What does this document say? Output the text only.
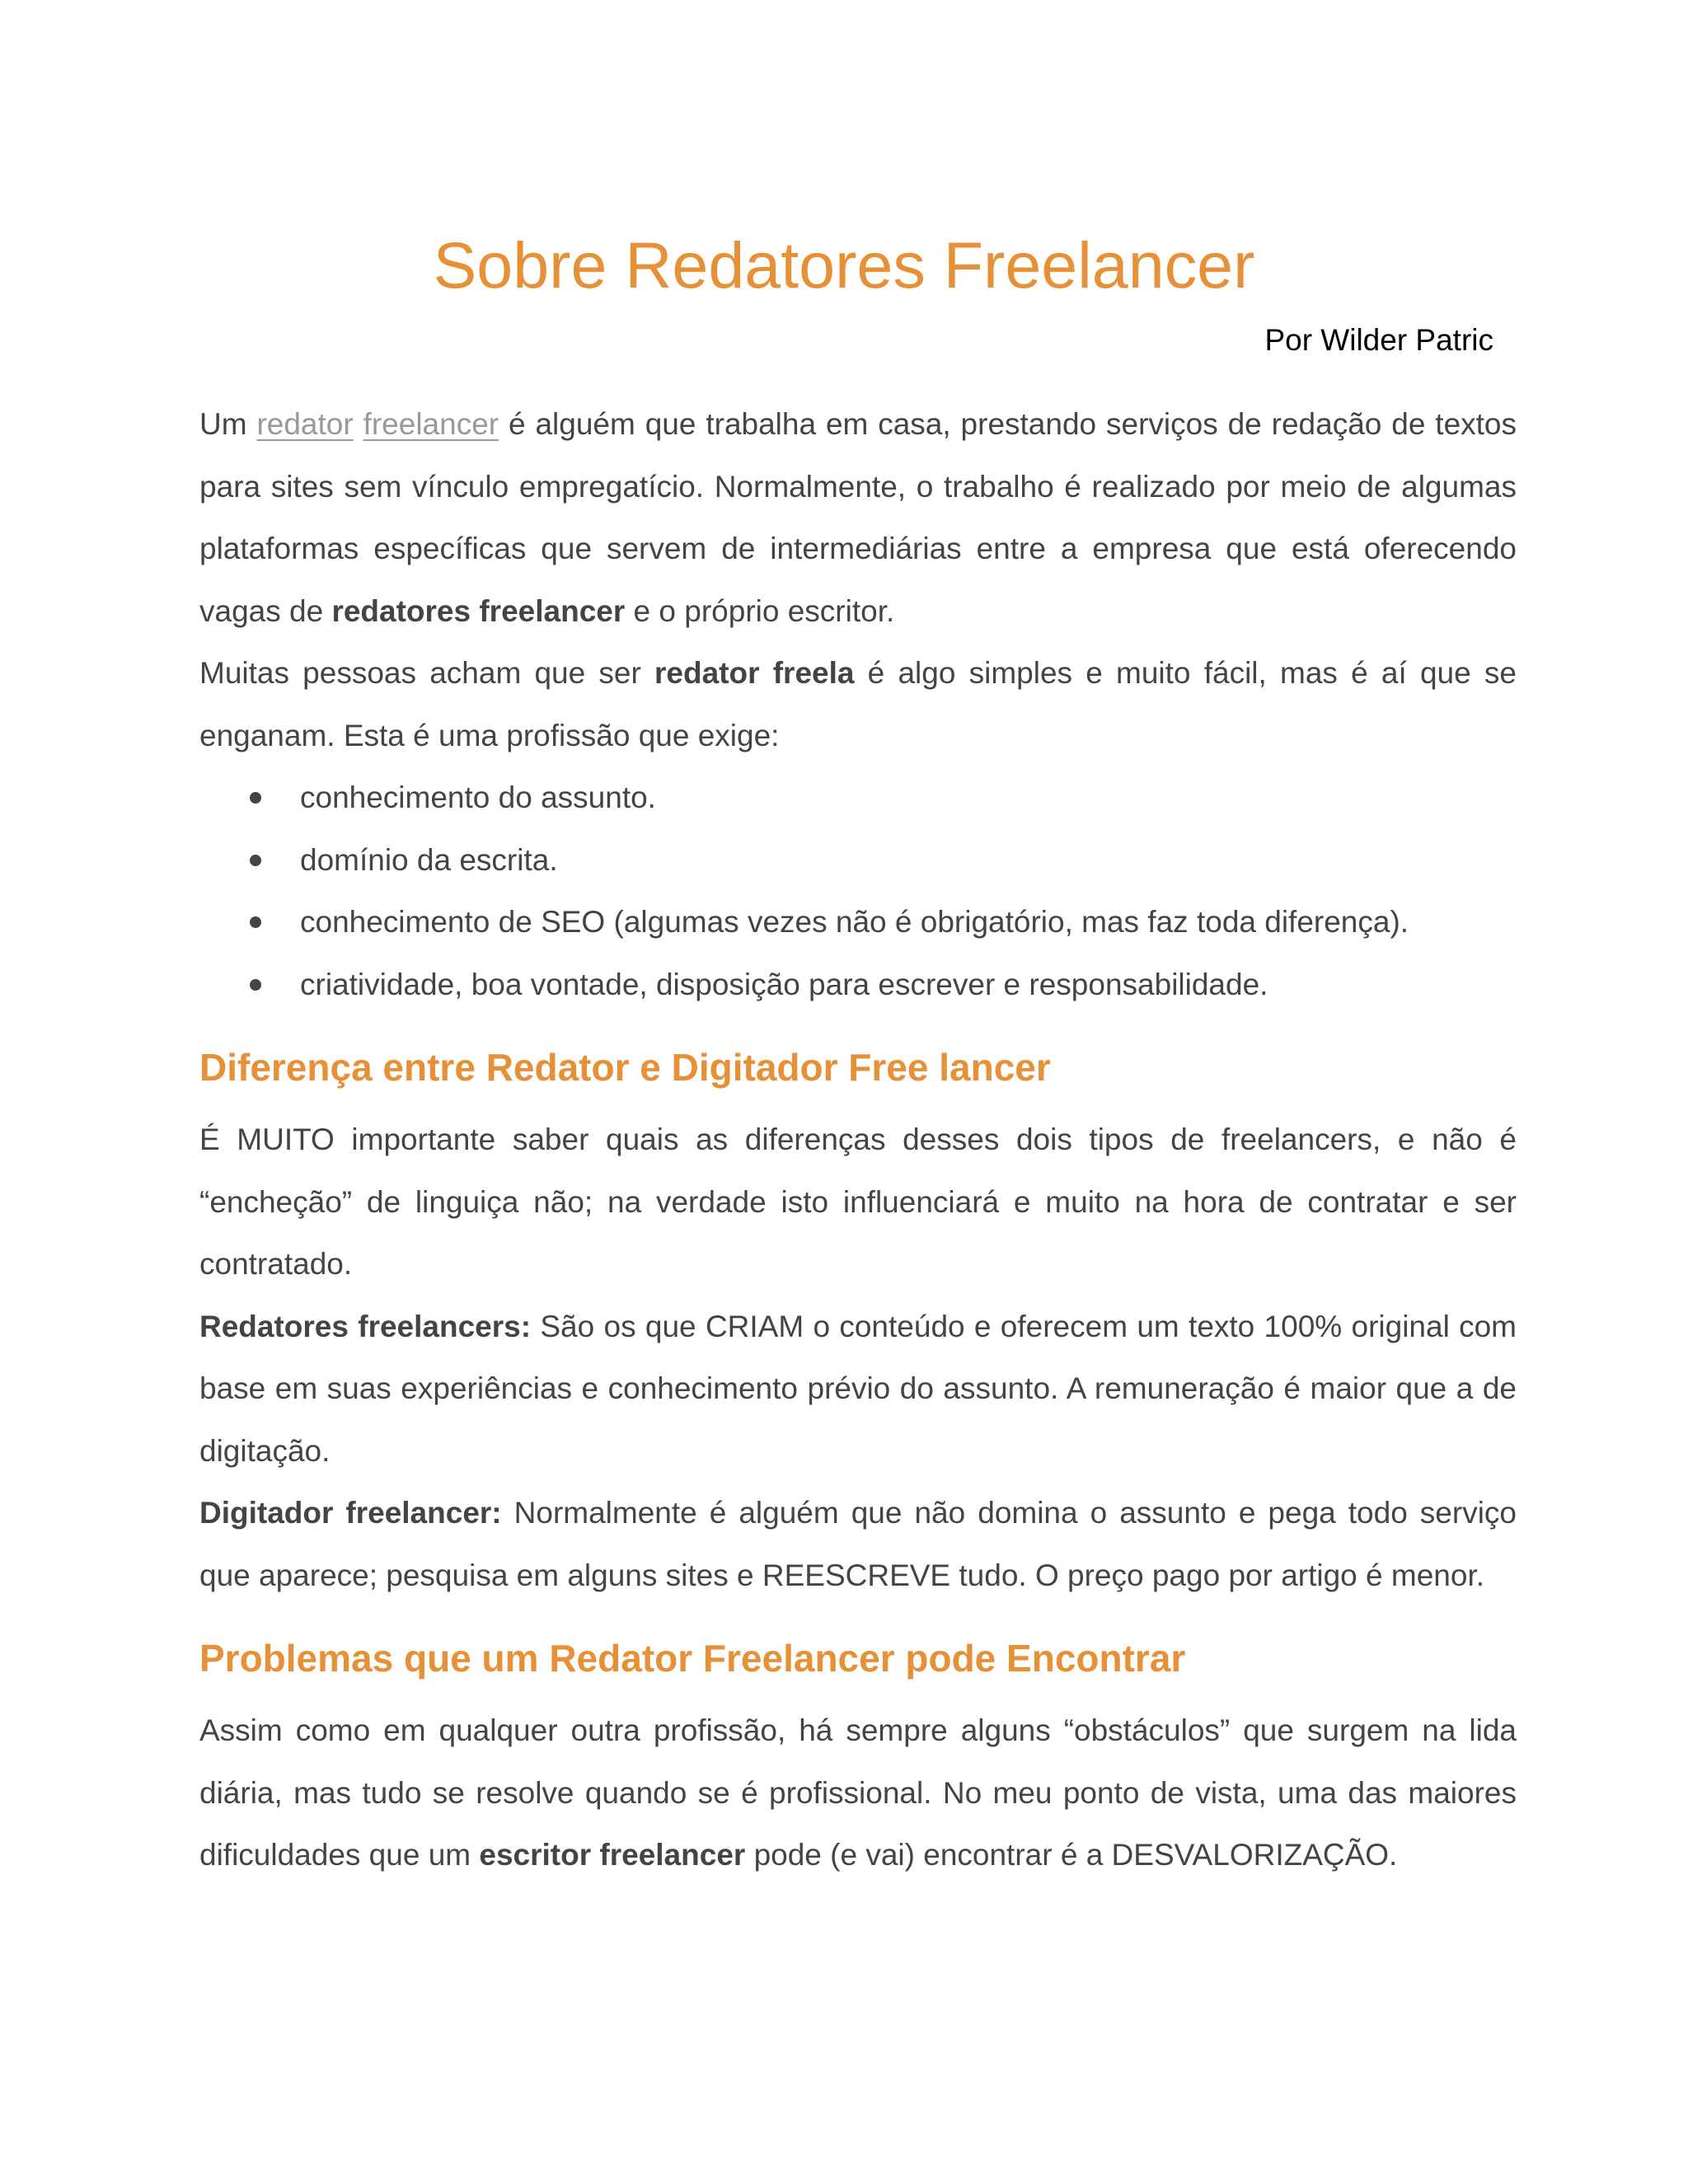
Sobre Redatores Freelancer

Por Wilder Patric

Um redator freelancer é alguém que trabalha em casa, prestando serviços de redação de textos para sites sem vínculo empregatício. Normalmente, o trabalho é realizado por meio de algumas plataformas específicas que servem de intermediárias entre a empresa que está oferecendo vagas de redatores freelancer e o próprio escritor.

Muitas pessoas acham que ser redator freela é algo simples e muito fácil, mas é aí que se enganam. Esta é uma profissão que exige:

conhecimento do assunto.
domínio da escrita.
conhecimento de SEO (algumas vezes não é obrigatório, mas faz toda diferença).
criatividade, boa vontade, disposição para escrever e responsabilidade.
Diferença entre Redator e Digitador Free lancer

É MUITO importante saber quais as diferenças desses dois tipos de freelancers, e não é “encheção” de linguiça não; na verdade isto influenciará e muito na hora de contratar e ser contratado.

Redatores freelancers: São os que CRIAM o conteúdo e oferecem um texto 100% original com base em suas experiências e conhecimento prévio do assunto. A remuneração é maior que a de digitação.

Digitador freelancer: Normalmente é alguém que não domina o assunto e pega todo serviço que aparece; pesquisa em alguns sites e REESCREVE tudo. O preço pago por artigo é menor.

Problemas que um Redator Freelancer pode Encontrar

Assim como em qualquer outra profissão, há sempre alguns “obstáculos” que surgem na lida diária, mas tudo se resolve quando se é profissional. No meu ponto de vista, uma das maiores dificuldades que um escritor freelancer pode (e vai) encontrar é a DESVALORIZAÇÃO.
